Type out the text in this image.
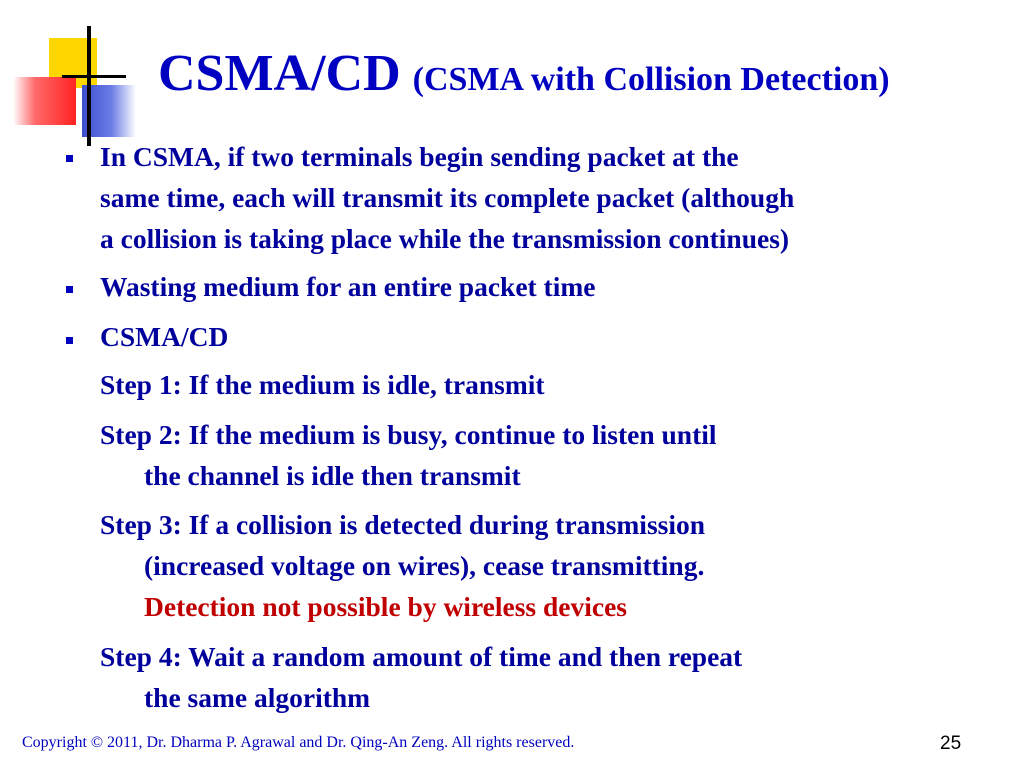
CSMA/CD (CSMA with Collision Detection)
In CSMA, if two terminals begin sending packet at the
same time, each will transmit its complete packet (although
a collision is taking place while the transmission continues)
Wasting medium for an entire packet time
CSMA/CD
Step 1: If the medium is idle, transmit
Step 2: If the medium is busy, continue to listen until
the channel is idle then transmit
Step 3: If a collision is detected during transmission
(increased voltage on wires), cease transmitting.
Detection not possible by wireless devices
Step 4: Wait a random amount of time and then repeat
the same algorithm
Copyright © 2011, Dr. Dharma P. Agrawal and Dr. Qing-An Zeng. All rights reserved.	25
